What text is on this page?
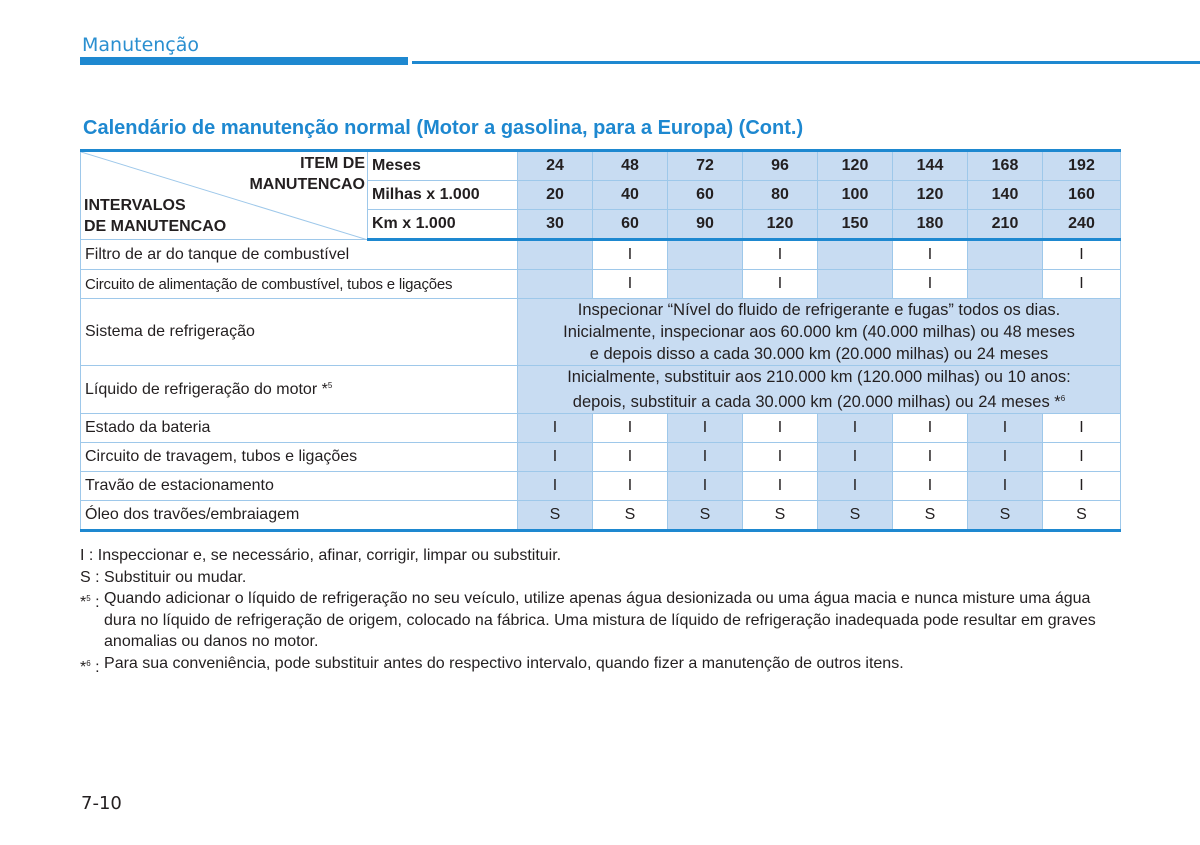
Manutenção
Calendário de manutenção normal (Motor a gasolina, para a Europa) (Cont.)
ITEM DE
MANUTENCAO
INTERVALOS
DE MANUTENCAO	Meses	24	48	72	96	120	144	168	192
	Milhas x 1.000	20	40	60	80	100	120	140	160
	Km x 1.000	30	60	90	120	150	180	210	240
Filtro de ar do tanque de combustível			I		I		I		I
Circuito de alimentação de combustível, tubos e ligações			I		I		I		I
Sistema de refrigeração		Inspecionar “Nível do fluido de refrigerante e fugas” todos os dias.
Inicialmente, inspecionar aos 60.000 km (40.000 milhas) ou 48 meses
e depois disso a cada 30.000 km (20.000 milhas) ou 24 meses							

Líquido de refrigeração do motor *$^5$		Inicialmente, substituir aos 210.000 km (120.000 milhas) ou 10 anos:
depois, substituir a cada 30.000 km (20.000 milhas) ou 24 meses *$^6$

Estado da bateria		I	I	I	I	I	I	I	I
Circuito de travagem, tubos e ligações		I	I	I	I	I	I	I	I
Travão de estacionamento		I	I	I	I	I	I	I	I
Óleo dos travões/embraiagem		S	S	S	S	S	S	S	S
I : Inspeccionar e, se necessário, afinar, corrigir, limpar ou substituir.
S : Substituir ou mudar.
*$^5$ : Quando adicionar o líquido de refrigeração no seu veículo, utilize apenas água desionizada ou uma água macia e nunca misture uma água dura no líquido de refrigeração de origem, colocado na fábrica. Uma mistura de líquido de refrigeração inadequada pode resultar em graves anomalias ou danos no motor.
*$^6$ : Para sua conveniência, pode substituir antes do respectivo intervalo, quando fizer a manutenção de outros itens.
7-10
